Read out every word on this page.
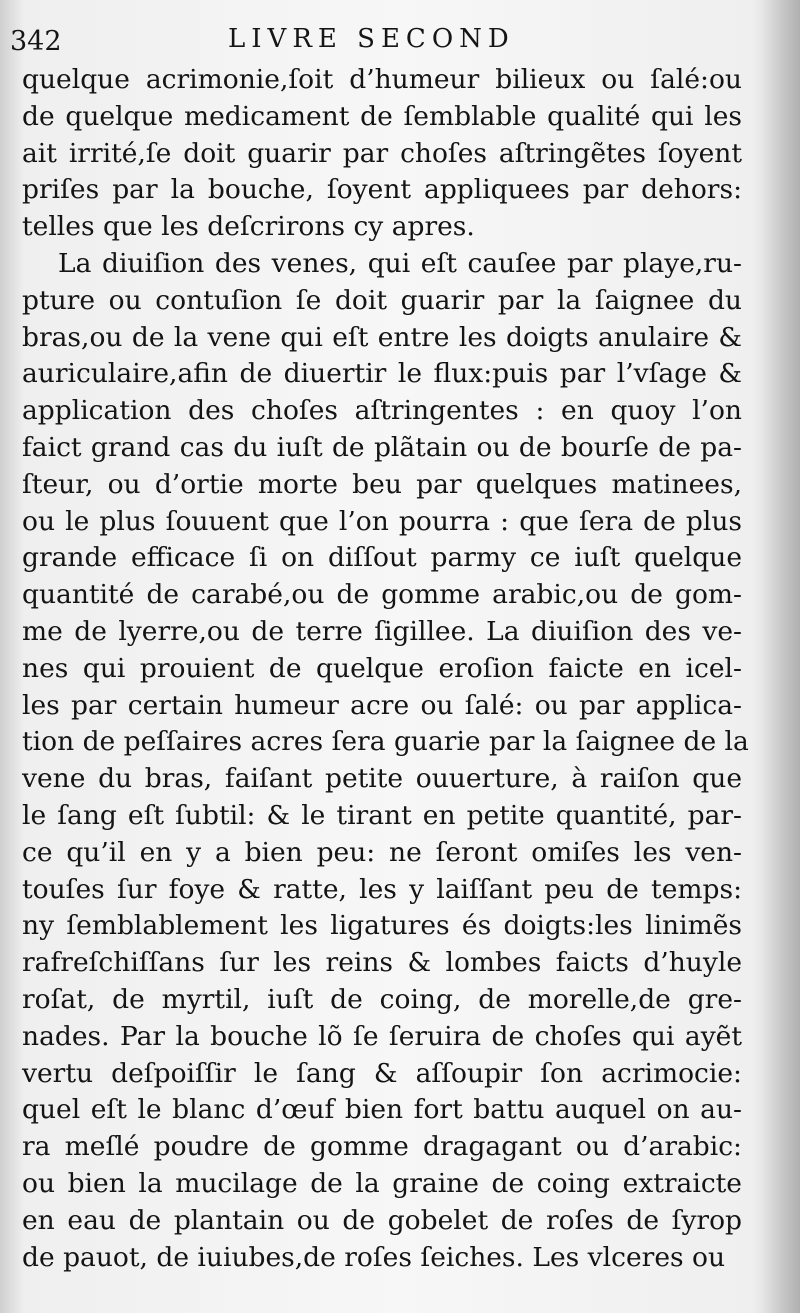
342	LIVRE SECOND
quelque acrimonie,ſoit d’humeur bilieux ou ſalé:ou
de quelque medicament de ſemblable qualité qui les
ait irrité,ſe doit guarir par choſes aſtringẽtes ſoyent
priſes par la bouche, ſoyent appliquees par dehors:
telles que les deſcrirons cy apres.
La diuiſion des venes, qui eſt cauſee par playe,ru-
pture ou contuſion ſe doit guarir par la ſaignee du
bras,ou de la vene qui eſt entre les doigts anulaire &
auriculaire,afin de diuertir le flux:puis par l’vſage &
application des choſes aſtringentes : en quoy l’on
faict grand cas du iuſt de plãtain ou de bourſe de pa-
ſteur, ou d’ortie morte beu par quelques matinees,
ou le plus ſouuent que l’on pourra : que ſera de plus
grande efficace ſi on diſſout parmy ce iuſt quelque
quantité de carabé,ou de gomme arabic,ou de gom-
me de lyerre,ou de terre ſigillee. La diuiſion des ve-
nes qui prouient de quelque eroſion faicte en icel-
les par certain humeur acre ou ſalé: ou par applica-
tion de peſſaires acres ſera guarie par la ſaignee de la
vene du bras, faiſant petite ouuerture, à raiſon que
le ſang eſt ſubtil: & le tirant en petite quantité, par-
ce qu’il en y a bien peu: ne ſeront omiſes les ven-
touſes ſur foye & ratte, les y laiſſant peu de temps:
ny ſemblablement les ligatures és doigts:les linimẽs
rafreſchiſſans ſur les reins & lombes faicts d’huyle
roſat, de myrtil, iuſt de coing, de morelle,de gre-
nades. Par la bouche lõ ſe ſeruira de choſes qui ayẽt
vertu deſpoiſſir le ſang & aſſoupir ſon acrimocie:
quel eſt le blanc d’œuf bien fort battu auquel on au-
ra meſlé poudre de gomme dragagant ou d’arabic:
ou bien la mucilage de la graine de coing extraicte
en eau de plantain ou de gobelet de roſes de ſyrop
de pauot, de iuiubes,de roſes ſeiches. Les vlceres ou
